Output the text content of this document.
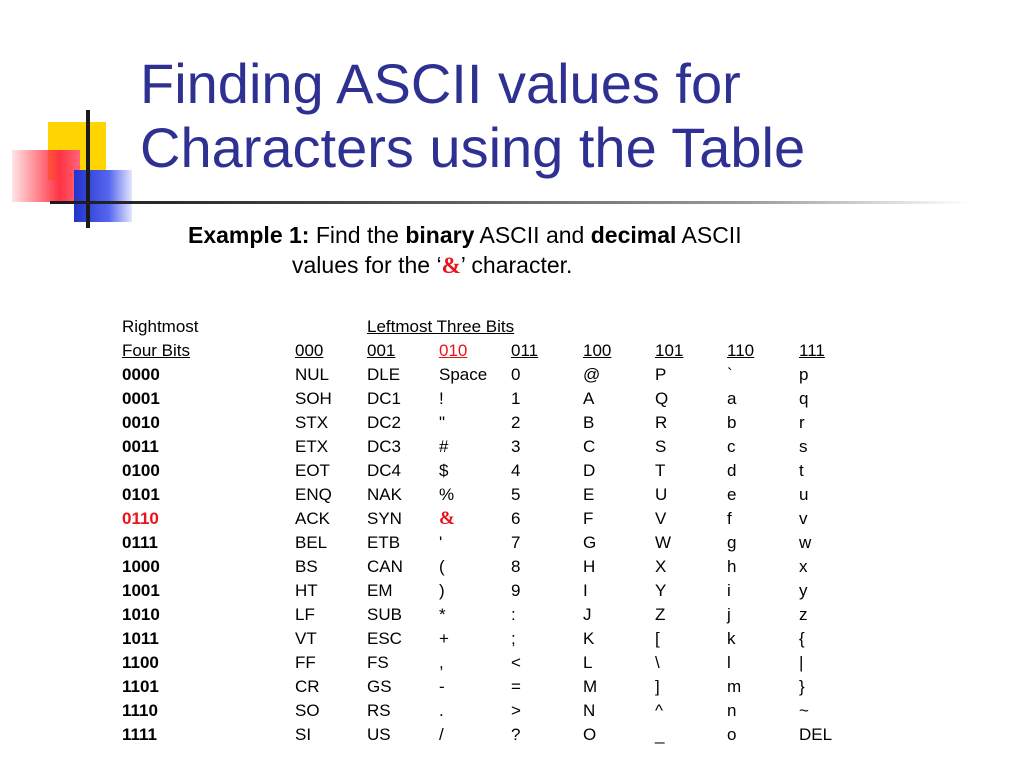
Finding ASCII values for
Characters using the Table
Example 1: Find the binary ASCII and decimal ASCII
values for the ‘&’ character.
Rightmost		Leftmost Three Bits						
Four Bits	000	001	010	011	100	101	110	111
0000	NUL	DLE	Space	0	@	P	`	p
0001	SOH	DC1	!	1	A	Q	a	q
0010	STX	DC2	"	2	B	R	b	r
0011	ETX	DC3	#	3	C	S	c	s
0100	EOT	DC4	$	4	D	T	d	t
0101	ENQ	NAK	%	5	E	U	e	u
0110	ACK	SYN	&	6	F	V	f	v
0111	BEL	ETB	'	7	G	W	g	w
1000	BS	CAN	(	8	H	X	h	x
1001	HT	EM	)	9	I	Y	i	y
1010	LF	SUB	*	:	J	Z	j	z
1011	VT	ESC	+	;	K	[	k	{
1100	FF	FS	,	<	L	\	l	|
1101	CR	GS	-	=	M	]	m	}
1110	SO	RS	.	>	N	^	n	~
1111	SI	US	/	?	O	_	o	DEL
